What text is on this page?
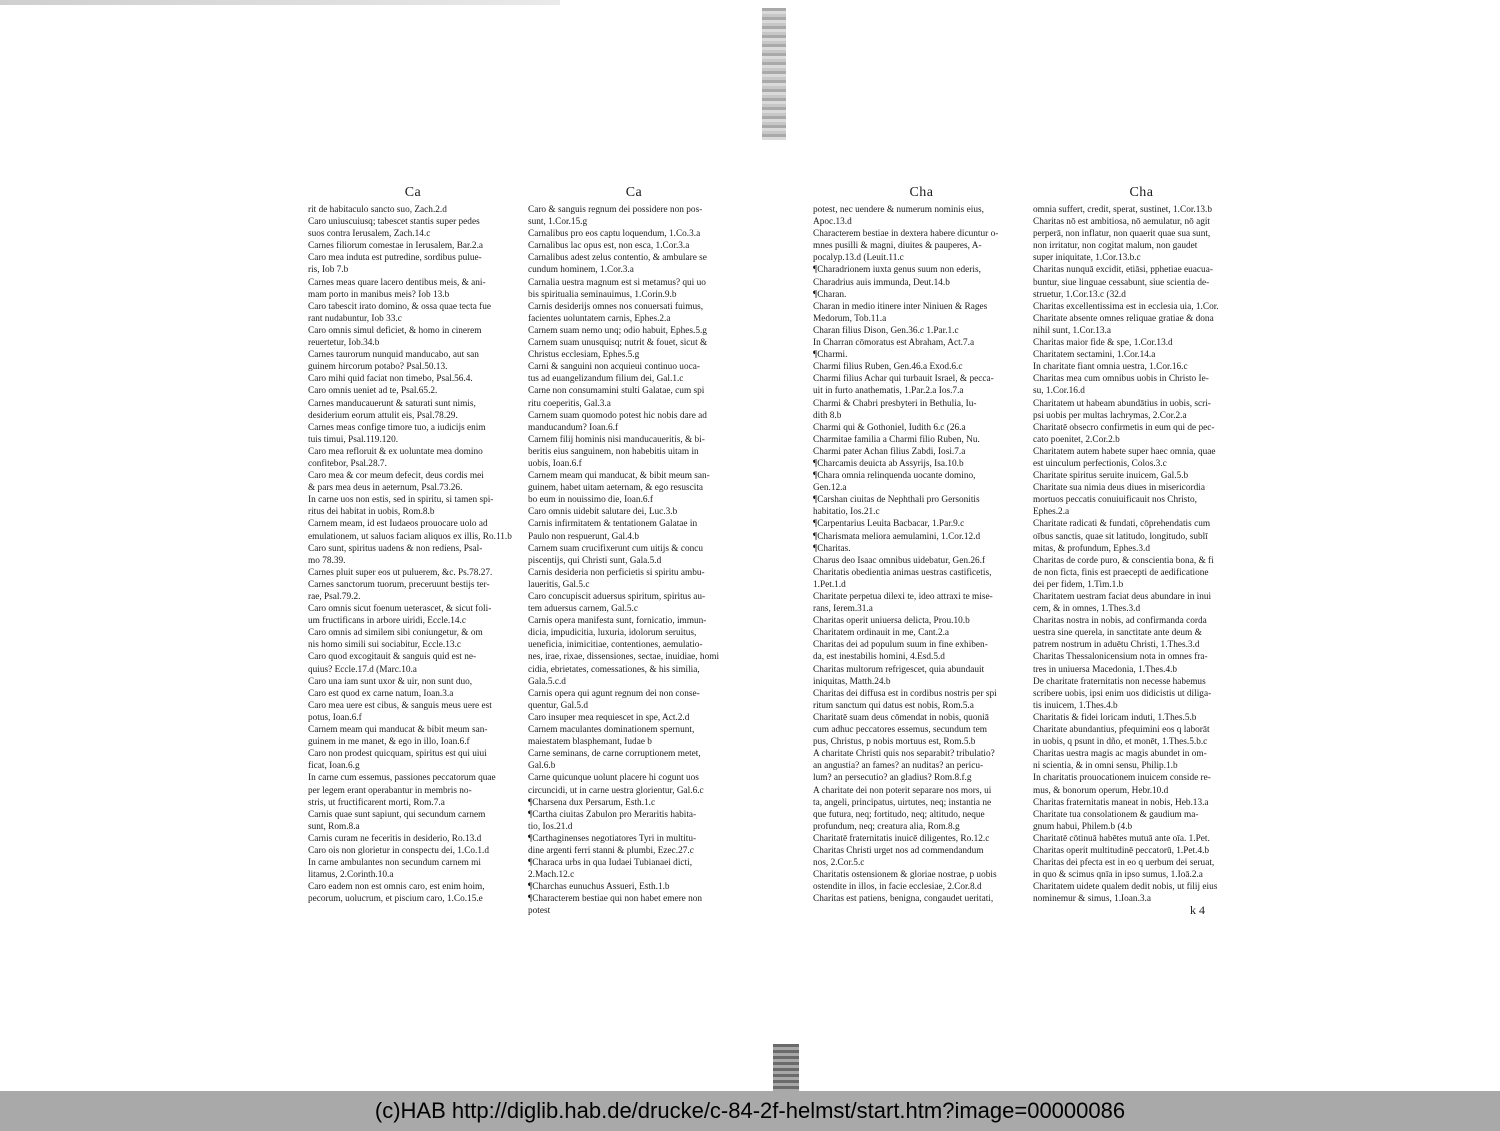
Ca
rit de habitaculo sancto suo, Zach.2.d
Caro uniuscuiusq; tabescet stantis super pedes
suos contra Ierusalem, Zach.14.c
Carnes filiorum comestae in Ierusalem, Bar.2.a
Caro mea induta est putredine, sordibus pulue-
ris, Iob 7.b
Carnes meas quare lacero dentibus meis, & ani-
mam porto in manibus meis? Iob 13.b
Caro tabescit irato domino, & ossa quae tecta fue
rant nudabuntur, Iob 33.c
Caro omnis simul deficiet, & homo in cinerem
reuertetur, Iob.34.b
Carnes taurorum nunquid manducabo, aut san
guinem hircorum potabo? Psal.50.13.
Caro mihi quid faciat non timebo, Psal.56.4.
Caro omnis ueniet ad te, Psal.65.2.
Carnes manducauerunt & saturati sunt nimis,
desiderium eorum attulit eis, Psal.78.29.
Carnes meas confige timore tuo, a iudicijs enim
tuis timui, Psal.119.120.
Caro mea refloruit & ex uoluntate mea domino
confitebor, Psal.28.7.
Caro mea & cor meum defecit, deus cordis mei
& pars mea deus in aeternum, Psal.73.26.
In carne uos non estis, sed in spiritu, si tamen spi-
ritus dei habitat in uobis, Rom.8.b
Carnem meam, id est Iudaeos prouocare uolo ad
emulationem, ut saluos faciam aliquos ex illis, Ro.11.b
Caro sunt, spiritus uadens & non rediens, Psal-
mo 78.39.
Carnes pluit super eos ut puluerem, &c. Ps.78.27.
Carnes sanctorum tuorum, preceruunt bestijs ter-
rae, Psal.79.2.
Caro omnis sicut foenum ueterascet, & sicut foli-
um fructificans in arbore uiridi, Eccle.14.c
Caro omnis ad similem sibi coniungetur, & om
nis homo simili sui sociabitur, Eccle.13.c
Caro quod excogitauit & sanguis quid est ne-
quius? Eccle.17.d (Marc.10.a
Caro una iam sunt uxor & uir, non sunt duo,
Caro est quod ex carne natum, Ioan.3.a
Caro mea uere est cibus, & sanguis meus uere est
potus, Ioan.6.f
Carnem meam qui manducat & bibit meum san-
guinem in me manet, & ego in illo, Ioan.6.f
Caro non prodest quicquam, spiritus est qui uiui
ficat, Ioan.6.g
In carne cum essemus, passiones peccatorum quae
per legem erant operabantur in membris no-
stris, ut fructificarent morti, Rom.7.a
Carnis quae sunt sapiunt, qui secundum carnem
sunt, Rom.8.a
Carnis curam ne feceritis in desiderio, Ro.13.d
Caro ois non glorietur in conspectu dei, 1.Co.1.d
In carne ambulantes non secundum carnem mi
litamus, 2.Corinth.10.a
Caro eadem non est omnis caro, est enim hoim,
pecorum, uolucrum, et piscium caro, 1.Co.15.e
Ca
Caro & sanguis regnum dei possidere non pos-
sunt, 1.Cor.15.g
Carnalibus pro eos captu loquendum, 1.Co.3.a
Carnalibus lac opus est, non esca, 1.Cor.3.a
Carnalibus adest zelus contentio, & ambulare se
cundum hominem, 1.Cor.3.a
Carnalia uestra magnum est si metamus? qui uo
bis spiritualia seminauimus, 1.Corin.9.b
Carnis desiderijs omnes nos conuersati fuimus,
facientes uoluntatem carnis, Ephes.2.a
Carnem suam nemo unq; odio habuit, Ephes.5.g
Carnem suam unusquisq; nutrit & fouet, sicut &
Christus ecclesiam, Ephes.5.g
Carni & sanguini non acquieui continuo uoca-
tus ad euangelizandum filium dei, Gal.1.c
Carne non consumamini stulti Galatae, cum spi
ritu coeperitis, Gal.3.a
Carnem suam quomodo potest hic nobis dare ad
manducandum? Ioan.6.f
Carnem filij hominis nisi manducaueritis, & bi-
beritis eius sanguinem, non habebitis uitam in
uobis, Ioan.6.f
Carnem meam qui manducat, & bibit meum san-
guinem, habet uitam aeternam, & ego resuscita
bo eum in nouissimo die, Ioan.6.f
Caro omnis uidebit salutare dei, Luc.3.b
Carnis infirmitatem & tentationem Galatae in
Paulo non respuerunt, Gal.4.b
Carnem suam crucifixerunt cum uitijs & concu
piscentijs, qui Christi sunt, Gala.5.d
Carnis desideria non perficietis si spiritu ambu-
laueritis, Gal.5.c
Caro concupiscit aduersus spiritum, spiritus au-
tem aduersus carnem, Gal.5.c
Carnis opera manifesta sunt, fornicatio, immun-
dicia, impudicitia, luxuria, idolorum seruitus,
ueneficia, inimicitiae, contentiones, aemulatio-
nes, irae, rixae, dissensiones, sectae, inuidiae, homi
cidia, ebrietates, comessationes, & his similia,
Gala.5.c.d
Carnis opera qui agunt regnum dei non conse-
quentur, Gal.5.d
Caro insuper mea requiescet in spe, Act.2.d
Carnem maculantes dominationem spernunt,
maiestatem blasphemant, Iudae b
Carne seminans, de carne corruptionem metet,
Gal.6.b
Carne quicunque uolunt placere hi cogunt uos
circuncidi, ut in carne uestra glorientur, Gal.6.c
¶Charsena dux Persarum, Esth.1.c
¶Cartha ciuitas Zabulon pro Meraritis habita-
tio, Ios.21.d
¶Carthaginenses negotiatores Tyri in multitu-
dine argenti ferri stanni & plumbi, Ezec.27.c
¶Characa urbs in qua Iudaei Tubianaei dicti,
2.Mach.12.c
¶Charchas eunuchus Assueri, Esth.1.b
¶Characterem bestiae qui non habet emere non
potest
Cha
potest, nec uendere & numerum nominis eius,
Apoc.13.d
Characterem bestiae in dextera habere dicuntur o-
mnes pusilli & magni, diuites & pauperes, A-
pocalyp.13.d (Leuit.11.c
¶Charadrionem iuxta genus suum non ederis,
Charadrius auis immunda, Deut.14.b
¶Charan.
Charan in medio itinere inter Niniuen & Rages
Medorum, Tob.11.a
Charan filius Dison, Gen.36.c 1.Par.1.c
In Charran cōmoratus est Abraham, Act.7.a
¶Charmi.
Charmi filius Ruben, Gen.46.a Exod.6.c
Charmi filius Achar qui turbauit Israel, & pecca-
uit in furto anathematis, 1.Par.2.a Ios.7.a
Charmi & Chabri presbyteri in Bethulia, Iu-
dith 8.b
Charmi qui & Gothoniel, Iudith 6.c (26.a
Charmitae familia a Charmi filio Ruben, Nu.
Charmi pater Achan filius Zabdi, Iosi.7.a
¶Charcamis deuicta ab Assyrijs, Isa.10.b
¶Chara omnia relinquenda uocante domino,
Gen.12.a
¶Carshan ciuitas de Nephthali pro Gersonitis
habitatio, Ios.21.c
¶Carpentarius Leuita Bacbacar, 1.Par.9.c
¶Charismata meliora aemulamini, 1.Cor.12.d
¶Charitas.
Charus deo Isaac omnibus uidebatur, Gen.26.f
Charitatis obedientia animas uestras castificetis,
1.Pet.1.d
Charitate perpetua dilexi te, ideo attraxi te mise-
rans, Ierem.31.a
Charitas operit uniuersa delicta, Prou.10.b
Charitatem ordinauit in me, Cant.2.a
Charitas dei ad populum suum in fine exhiben-
da, est inestabilis homini, 4.Esd.5.d
Charitas multorum refrigescet, quia abundauit
iniquitas, Matth.24.b
Charitas dei diffusa est in cordibus nostris per spi
ritum sanctum qui datus est nobis, Rom.5.a
Charitatē suam deus cōmendat in nobis, quoniā
cum adhuc peccatores essemus, secundum tem
pus, Christus, p nobis mortuus est, Rom.5.b
A charitate Christi quis nos separabit? tribulatio?
an angustia? an fames? an nuditas? an pericu-
lum? an persecutio? an gladius? Rom.8.f.g
A charitate dei non poterit separare nos mors, ui
ta, angeli, principatus, uirtutes, neq; instantia ne
que futura, neq; fortitudo, neq; altitudo, neque
profundum, neq; creatura alia, Rom.8.g
Charitatē fraternitatis inuicē diligentes, Ro.12.c
Charitas Christi urget nos ad commendandum
nos, 2.Cor.5.c
Charitatis ostensionem & gloriae nostrae, p uobis
ostendite in illos, in facie ecclesiae, 2.Cor.8.d
Charitas est patiens, benigna, congaudet ueritati,
Cha
omnia suffert, credit, sperat, sustinet, 1.Cor.13.b
Charitas nō est ambitiosa, nō aemulatur, nō agit
perperā, non inflatur, non quaerit quae sua sunt,
non irritatur, non cogitat malum, non gaudet
super iniquitate, 1.Cor.13.b.c
Charitas nunquā excidit, etiāsi, pphetiae euacua-
buntur, siue linguae cessabunt, siue scientia de-
struetur, 1.Cor.13.c (32.d
Charitas excellentissima est in ecclesia uia, 1.Cor.
Charitate absente omnes reliquae gratiae & dona
nihil sunt, 1.Cor.13.a
Charitas maior fide & spe, 1.Cor.13.d
Charitatem sectamini, 1.Cor.14.a
In charitate fiant omnia uestra, 1.Cor.16.c
Charitas mea cum omnibus uobis in Christo Ie-
su, 1.Cor.16.d
Charitatem ut habeam abundātius in uobis, scri-
psi uobis per multas lachrymas, 2.Cor.2.a
Charitatē obsecro confirmetis in eum qui de pec-
cato poenitet, 2.Cor.2.b
Charitatem autem habete super haec omnia, quae
est uinculum perfectionis, Colos.3.c
Charitate spiritus seruite inuicem, Gal.5.b
Charitate sua nimia deus diues in misericordia
mortuos peccatis conuiuificauit nos Christo,
Ephes.2.a
Charitate radicati & fundati, cōprehendatis cum
oībus sanctis, quae sit latitudo, longitudo, sublī
mitas, & profundum, Ephes.3.d
Charitas de corde puro, & conscientia bona, & fi
de non ficta, finis est praecepti de aedificatione
dei per fidem, 1.Tim.1.b
Charitatem uestram faciat deus abundare in inui
cem, & in omnes, 1.Thes.3.d
Charitas nostra in nobis, ad confirmanda corda
uestra sine querela, in sanctitate ante deum &
patrem nostrum in aduētu Christi, 1.Thes.3.d
Charitas Thessalonicensium nota in omnes fra-
tres in uniuersa Macedonia, 1.Thes.4.b
De charitate fraternitatis non necesse habemus
scribere uobis, ipsi enim uos didicistis ut diliga-
tis inuicem, 1.Thes.4.b
Charitatis & fidei loricam induti, 1.Thes.5.b
Charitate abundantius, pfequimini eos q laborāt
in uobis, q psunt in dño, et monēt, 1.Thes.5.b.c
Charitas uestra magis ac magis abundet in om-
ni scientia, & in omni sensu, Philip.1.b
In charitatis prouocationem inuicem conside re-
mus, & bonorum operum, Hebr.10.d
Charitas fraternitatis maneat in nobis, Heb.13.a
Charitate tua consolationem & gaudium ma-
gnum habui, Philem.b (4.b
Charitatē cōtinuā habētes mutuā ante oīa. 1.Pet.
Charitas operit multitudinē peccatorū, 1.Pet.4.b
Charitas dei pfecta est in eo q uerbum dei seruat,
in quo & scimus qnīa in ipso sumus, 1.Ioā.2.a
Charitatem uidete qualem dedit nobis, ut filij eius
nominemur & simus, 1.Ioan.3.a
k 4
(c)HAB http://diglib.hab.de/drucke/c-84-2f-helmst/start.htm?image=00000086
